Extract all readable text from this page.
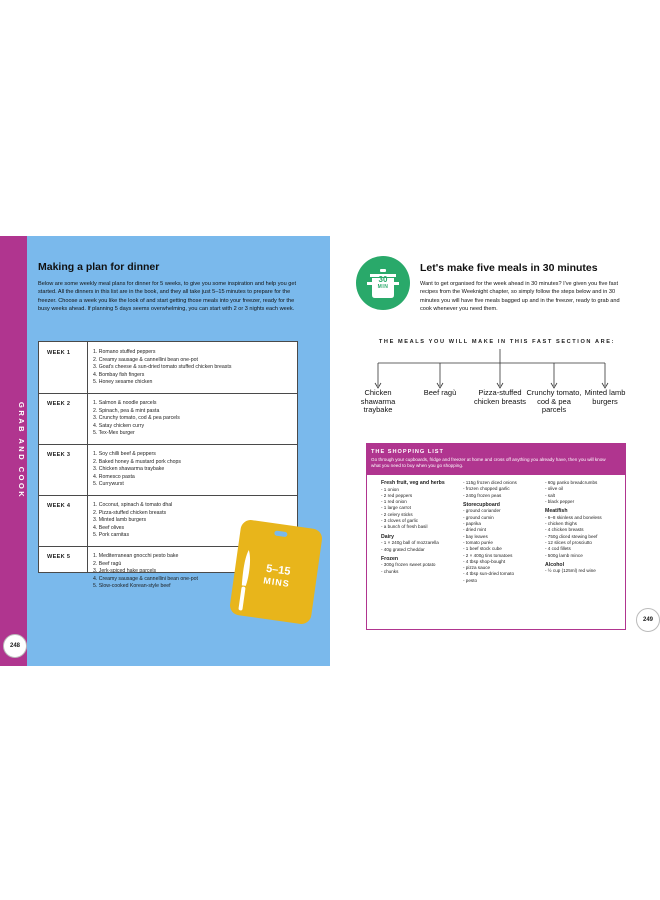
GRAB AND COOK
248
Making a plan for dinner
Below are some weekly meal plans for dinner for 5 weeks, to give you some inspiration and help you get started. All the dinners in this list are in the book, and they all take just 5–15 minutes to prepare for the freezer. Choose a week you like the look of and start getting those meals into your freezer, ready for the busy weeks ahead. If planning 5 days seems overwhelming, you can start with 2 or 3 nights each week.
WEEK 1	1. Romano stuffed peppers
2. Creamy sausage & cannellini bean one-pot
3. Goat's cheese & sun-dried tomato stuffed chicken breasts
4. Bombay fish fingers
5. Honey sesame chicken
WEEK 2	1. Salmon & noodle parcels
2. Spinach, pea & mint pasta
3. Crunchy tomato, cod & pea parcels
4. Satay chicken curry
5. Tex-Mex burger
WEEK 3	1. Soy chilli beef & peppers
2. Baked honey & mustard pork chops
3. Chicken shawarma traybake
4. Romesco pasta
5. Currywurst
WEEK 4	1. Coconut, spinach & tomato dhal
2. Pizza-stuffed chicken breasts
3. Minted lamb burgers
4. Beef olives
5. Pork carnitas
WEEK 5	1. Mediterranean gnocchi pesto bake
2. Beef ragù
3. Jerk-spiced hake parcels
4. Creamy sausage & cannellini bean one-pot
5. Slow-cooked Korean-style beef
5–15
MINS
30
MIN
Let's make five meals in 30 minutes
Want to get organised for the week ahead in 30 minutes? I've given you five fast recipes from the Weeknight chapter, so simply follow the steps below and in 30 minutes you will have five meals bagged up and in the freezer, ready to grab and cook whenever you need them.
THE MEALS YOU WILL MAKE IN THIS FAST SECTION ARE:
Chicken shawarma traybake
Beef ragù	Pizza-stuffed chicken breasts
Crunchy tomato, cod & pea parcels
Minted lamb burgers
THE SHOPPING LIST
Go through your cupboards, fridge and freezer at home and cross off anything you already have, then you will know what you need to buy when you go shopping.
Fresh fruit, veg and herbs
- 1 onion
- 2 red peppers
- 1 red onion
- 1 large carrot
- 2 celery sticks
- 3 cloves of garlic
- a bunch of fresh basil
Dairy
- 1 × 240g ball of mozzarella
- 40g grated Cheddar
Frozen
- 300g frozen sweet potato
- chunks
- 115g frozen diced onions
- frozen chopped garlic
- 240g frozen peas
Storecupboard
- ground coriander
- ground cumin
- paprika
- dried mint
- bay leaves
- tomato purée
- 1 beef stock cube
- 2 × 400g tins tomatoes
- 4 tbsp shop-bought
- pizza sauce
- 4 tbsp sun-dried tomato
- pesto
- 60g panko breadcrumbs
- olive oil
- salt
- black pepper
Meat/fish
- 6–8 skinless and boneless
- chicken thighs
- 4 chicken breasts
- 750g diced stewing beef
- 12 slices of prosciutto
- 4 cod fillets
- 500g lamb mince
Alcohol
- ½ cup (125ml) red wine
249
